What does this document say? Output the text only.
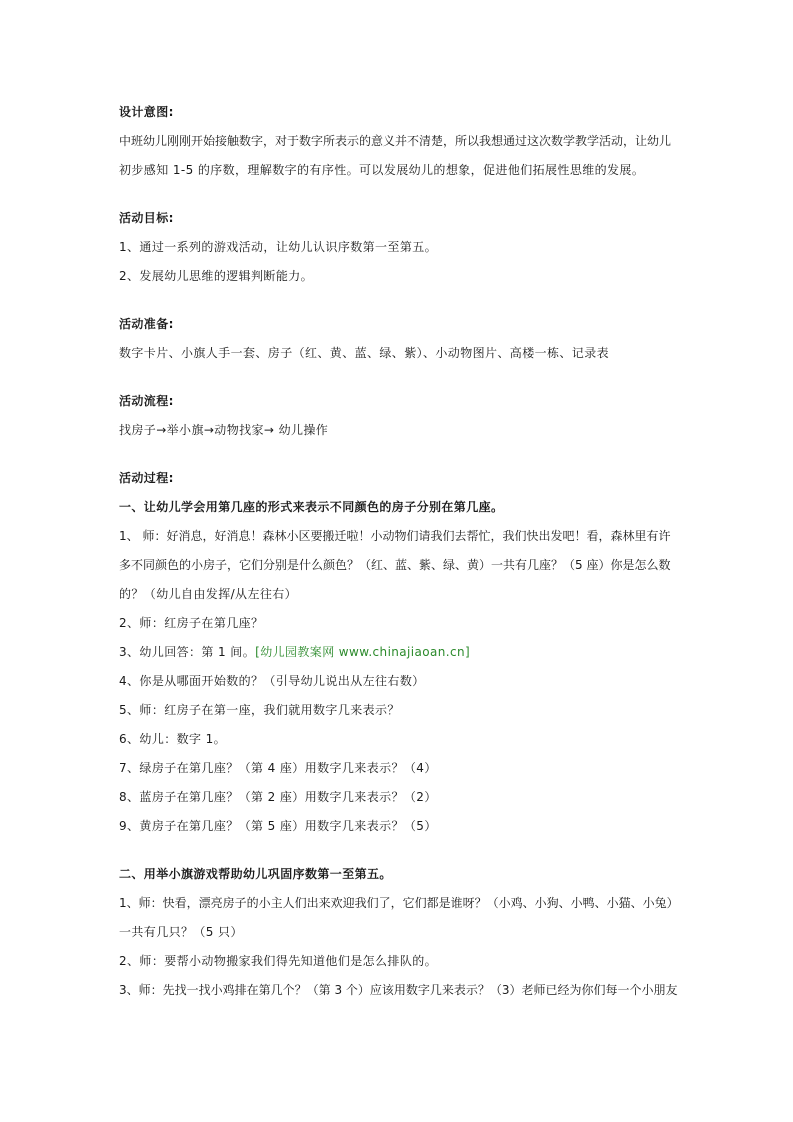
设计意图:
中班幼儿刚刚开始接触数字，对于数字所表示的意义并不清楚，所以我想通过这次数学教学活动，让幼儿
初步感知 1-5 的序数，理解数字的有序性。可以发展幼儿的想象，促进他们拓展性思维的发展。
活动目标:
1、通过一系列的游戏活动，让幼儿认识序数第一至第五。
2、发展幼儿思维的逻辑判断能力。
活动准备:
数字卡片、小旗人手一套、房子（红、黄、蓝、绿、紫）、小动物图片、高楼一栋、记录表
活动流程:
找房子→举小旗→动物找家→ 幼儿操作
活动过程:
一、让幼儿学会用第几座的形式来表示不同颜色的房子分别在第几座。
1、 师：好消息，好消息！森林小区要搬迁啦！小动物们请我们去帮忙，我们快出发吧！看，森林里有许
多不同颜色的小房子，它们分别是什么颜色？（红、蓝、紫、绿、黄）一共有几座？（5 座）你是怎么数
的？（幼儿自由发挥/从左往右）
2、师：红房子在第几座？
3、幼儿回答：第 1 间。[幼儿园教案网 www.chinajiaoan.cn]
4、你是从哪面开始数的？（引导幼儿说出从左往右数）
5、师：红房子在第一座，我们就用数字几来表示？
6、幼儿：数字 1。
7、绿房子在第几座？（第 4 座）用数字几来表示？（4）
8、蓝房子在第几座？（第 2 座）用数字几来表示？（2）
9、黄房子在第几座？（第 5 座）用数字几来表示？（5）
二、用举小旗游戏帮助幼儿巩固序数第一至第五。
1、师：快看，漂亮房子的小主人们出来欢迎我们了，它们都是谁呀？（小鸡、小狗、小鸭、小猫、小兔）
一共有几只？（5 只）
2、师：要帮小动物搬家我们得先知道他们是怎么排队的。
3、师：先找一找小鸡排在第几个？（第 3 个）应该用数字几来表示？（3）老师已经为你们每一个小朋友
